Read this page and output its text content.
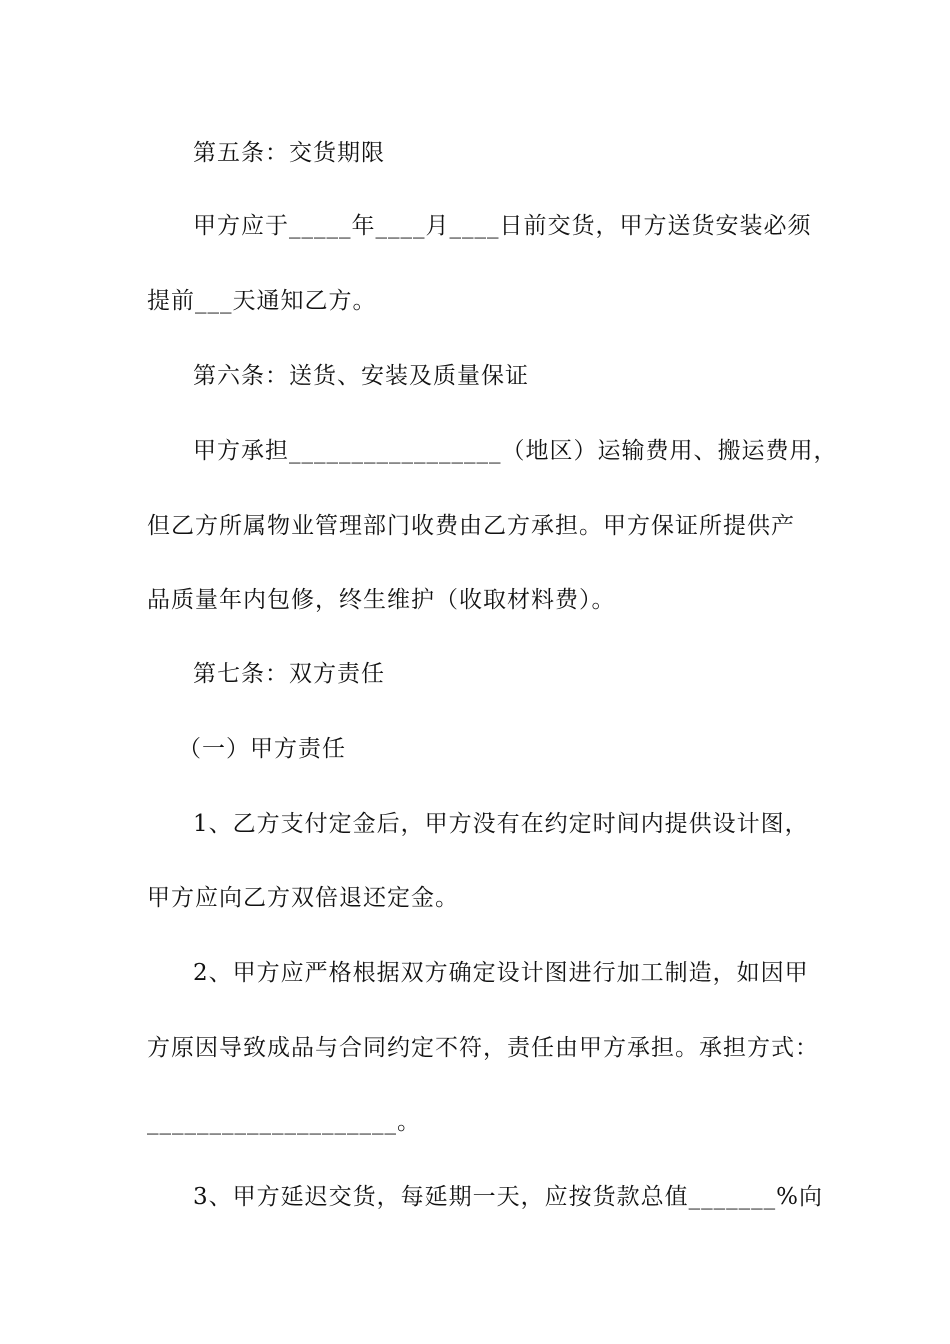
第五条：交货期限
甲方应于_____年____月____日前交货，甲方送货安装必须
提前___天通知乙方。
第六条：送货、安装及质量保证
甲方承担_________________（地区）运输费用、搬运费用，
但乙方所属物业管理部门收费由乙方承担。甲方保证所提供产
品质量年内包修，终生维护（收取材料费）。
第七条：双方责任
（一）甲方责任
1、乙方支付定金后，甲方没有在约定时间内提供设计图，
甲方应向乙方双倍退还定金。
2、甲方应严格根据双方确定设计图进行加工制造，如因甲
方原因导致成品与合同约定不符，责任由甲方承担。承担方式：
____________________。
3、甲方延迟交货，每延期一天，应按货款总值_______%向
